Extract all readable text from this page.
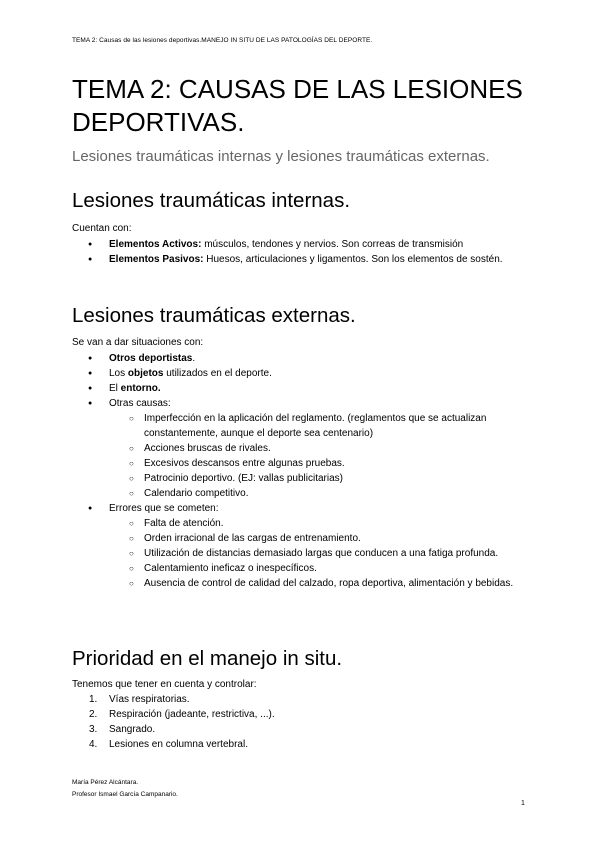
TEMA 2: Causas de las lesiones deportivas.MANEJO IN SITU DE LAS PATOLOGÍAS DEL DEPORTE.
TEMA 2: CAUSAS DE LAS LESIONES DEPORTIVAS.
Lesiones traumáticas internas y lesiones traumáticas externas.
Lesiones traumáticas internas.
Cuentan con:
● Elementos Activos: músculos, tendones y nervios. Son correas de transmisión
● Elementos Pasivos: Huesos, articulaciones y ligamentos. Son los elementos de sostén.
Lesiones traumáticas externas.
Se van a dar situaciones con:
● Otros deportistas.
● Los objetos utilizados en el deporte.
● El entorno.
● Otras causas:
○ Imperfección en la aplicación del reglamento. (reglamentos que se actualizan constantemente, aunque el deporte sea centenario)
○ Acciones bruscas de rivales.
○ Excesivos descansos entre algunas pruebas.
○ Patrocinio deportivo. (EJ: vallas publicitarias)
○ Calendario competitivo.
● Errores que se cometen:
○ Falta de atención.
○ Orden irracional de las cargas de entrenamiento.
○ Utilización de distancias demasiado largas que conducen a una fatiga profunda.
○ Calentamiento ineficaz o inespecíficos.
○ Ausencia de control de calidad del calzado, ropa deportiva, alimentación y bebidas.
Prioridad en el manejo in situ.
Tenemos que tener en cuenta y controlar:
1. Vías respiratorias.
2. Respiración (jadeante, restrictiva, ...).
3. Sangrado.
4. Lesiones en columna vertebral.
María Pérez Alcántara.
Profesor Ismael García Campanario.
1
